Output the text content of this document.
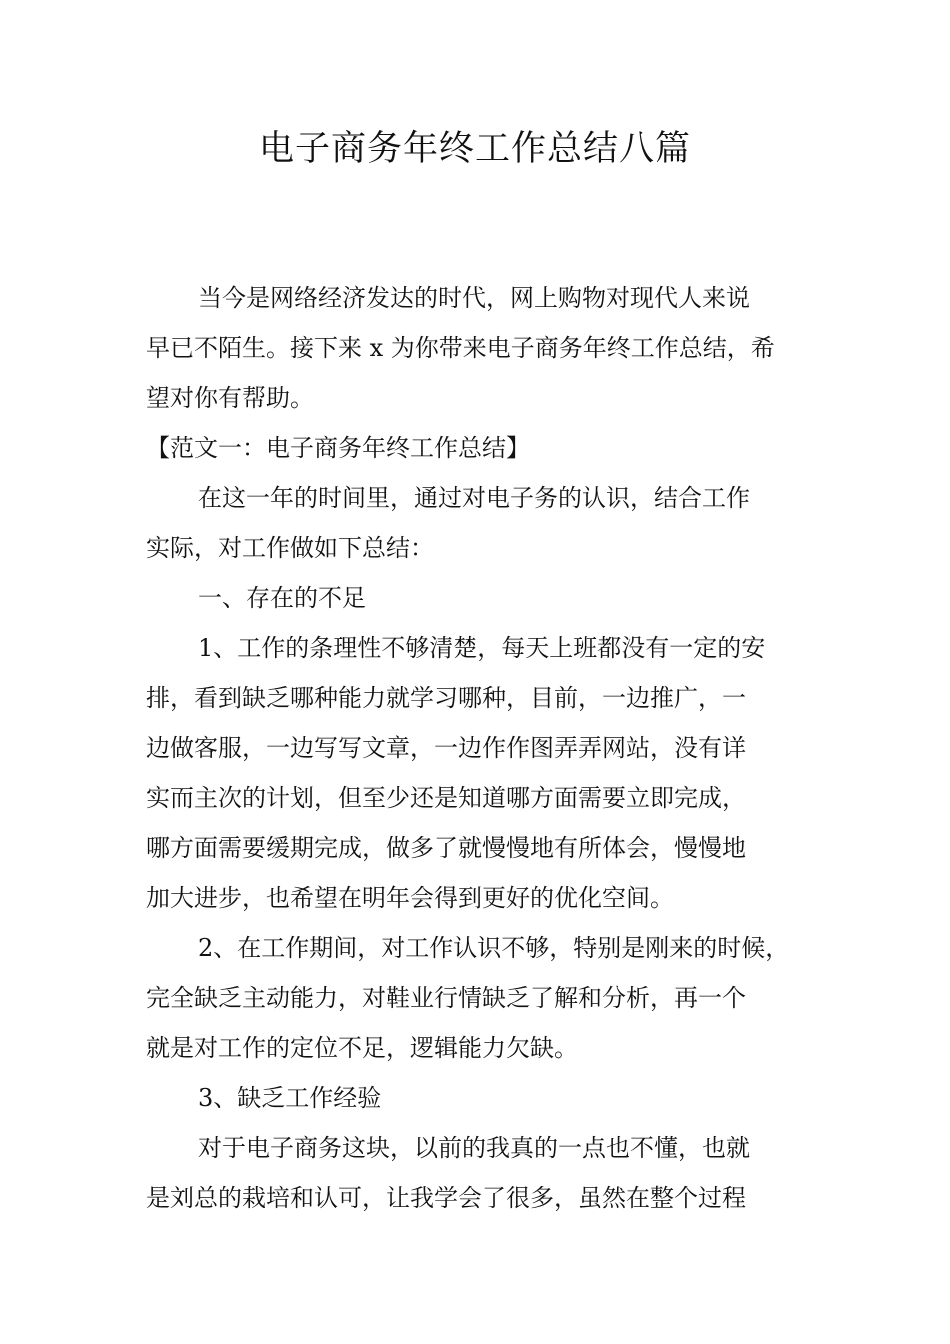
电子商务年终工作总结八篇
当今是网络经济发达的时代，网上购物对现代人来说
早已不陌生。接下来 x 为你带来电子商务年终工作总结，希
望对你有帮助。
【范文一：电子商务年终工作总结】
在这一年的时间里，通过对电子务的认识，结合工作
实际，对工作做如下总结：
一、存在的不足
1、工作的条理性不够清楚，每天上班都没有一定的安
排，看到缺乏哪种能力就学习哪种，目前，一边推广，一
边做客服，一边写写文章，一边作作图弄弄网站，没有详
实而主次的计划，但至少还是知道哪方面需要立即完成，
哪方面需要缓期完成，做多了就慢慢地有所体会，慢慢地
加大进步，也希望在明年会得到更好的优化空间。
2、在工作期间，对工作认识不够，特别是刚来的时候，
完全缺乏主动能力，对鞋业行情缺乏了解和分析，再一个
就是对工作的定位不足，逻辑能力欠缺。
3、缺乏工作经验
对于电子商务这块，以前的我真的一点也不懂，也就
是刘总的栽培和认可，让我学会了很多，虽然在整个过程
